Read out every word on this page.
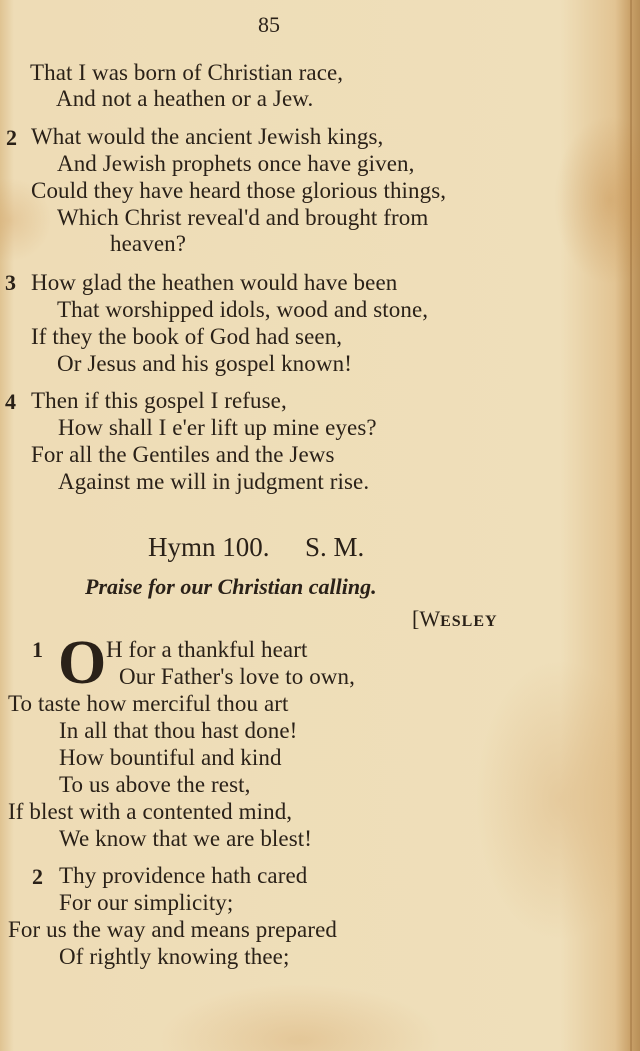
85
That I was born of Christian race,
And not a heathen or a Jew.
2 What would the ancient Jewish kings,
And Jewish prophets once have given,
Could they have heard those glorious things,
Which Christ reveal'd and brought from
heaven?
3 How glad the heathen would have been
That worshipped idols, wood and stone,
If they the book of God had seen,
Or Jesus and his gospel known!
4 Then if this gospel I refuse,
How shall I e'er lift up mine eyes?
For all the Gentiles and the Jews
Against me will in judgment rise.
Hymn 100. S. M.
Praise for our Christian calling.
[WESLEY
1 O H for a thankful heart
Our Father's love to own,
To taste how merciful thou art
In all that thou hast done!
How bountiful and kind
To us above the rest,
If blest with a contented mind,
We know that we are blest!
2 Thy providence hath cared
For our simplicity;
For us the way and means prepared
Of rightly knowing thee;
